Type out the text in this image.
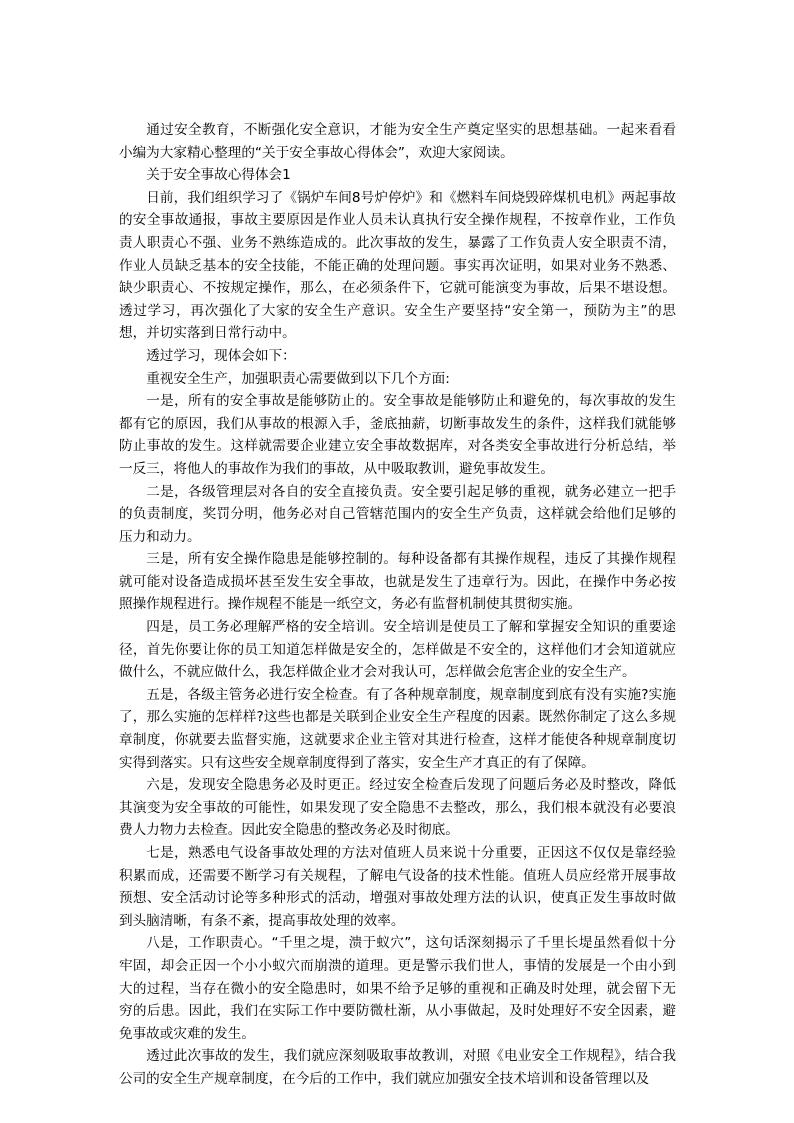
通过安全教育，不断强化安全意识，才能为安全生产奠定坚实的思想基础。一起来看看小编为大家精心整理的“关于安全事故心得体会”，欢迎大家阅读。

关于安全事故心得体会1

日前，我们组织学习了《锅炉车间8号炉停炉》和《燃料车间烧毁碎煤机电机》两起事故的安全事故通报，事故主要原因是作业人员未认真执行安全操作规程，不按章作业，工作负责人职责心不强、业务不熟练造成的。此次事故的发生，暴露了工作负责人安全职责不清，作业人员缺乏基本的安全技能，不能正确的处理问题。事实再次证明，如果对业务不熟悉、缺少职责心、不按规定操作，那么，在必须条件下，它就可能演变为事故，后果不堪设想。透过学习，再次强化了大家的安全生产意识。安全生产要坚持“安全第一，预防为主”的思想，并切实落到日常行动中。

透过学习，现体会如下：

重视安全生产，加强职责心需要做到以下几个方面:

一是，所有的安全事故是能够防止的。安全事故是能够防止和避免的，每次事故的发生都有它的原因，我们从事故的根源入手，釜底抽薪，切断事故发生的条件，这样我们就能够防止事故的发生。这样就需要企业建立安全事故数据库，对各类安全事故进行分析总结，举一反三，将他人的事故作为我们的事故，从中吸取教训，避免事故发生。

二是，各级管理层对各自的安全直接负责。安全要引起足够的重视，就务必建立一把手的负责制度，奖罚分明，他务必对自己管辖范围内的安全生产负责，这样就会给他们足够的压力和动力。

三是，所有安全操作隐患是能够控制的。每种设备都有其操作规程，违反了其操作规程就可能对设备造成损坏甚至发生安全事故，也就是发生了违章行为。因此，在操作中务必按照操作规程进行。操作规程不能是一纸空文，务必有监督机制使其贯彻实施。

四是，员工务必理解严格的安全培训。安全培训是使员工了解和掌握安全知识的重要途径，首先你要让你的员工知道怎样做是安全的，怎样做是不安全的，这样他们才会知道就应做什么，不就应做什么，我怎样做企业才会对我认可，怎样做会危害企业的安全生产。

五是，各级主管务必进行安全检查。有了各种规章制度，规章制度到底有没有实施?实施了，那么实施的怎样样?这些也都是关联到企业安全生产程度的因素。既然你制定了这么多规章制度，你就要去监督实施，这就要求企业主管对其进行检查，这样才能使各种规章制度切实得到落实。只有这些安全规章制度得到了落实，安全生产才真正的有了保障。

六是，发现安全隐患务必及时更正。经过安全检查后发现了问题后务必及时整改，降低其演变为安全事故的可能性，如果发现了安全隐患不去整改，那么，我们根本就没有必要浪费人力物力去检查。因此安全隐患的整改务必及时彻底。

七是，熟悉电气设备事故处理的方法对值班人员来说十分重要，正因这不仅仅是靠经验积累而成，还需要不断学习有关规程，了解电气设备的技术性能。值班人员应经常开展事故预想、安全活动讨论等多种形式的活动，增强对事故处理方法的认识，使真正发生事故时做到头脑清晰，有条不紊，提高事故处理的效率。

八是，工作职责心。“千里之堤，溃于蚁穴”，这句话深刻揭示了千里长堤虽然看似十分牢固，却会正因一个小小蚁穴而崩溃的道理。更是警示我们世人，事情的发展是一个由小到大的过程，当存在微小的安全隐患时，如果不给予足够的重视和正确及时处理，就会留下无穷的后患。因此，我们在实际工作中要防微杜渐，从小事做起，及时处理好不安全因素，避免事故或灾难的发生。

透过此次事故的发生，我们就应深刻吸取事故教训，对照《电业安全工作规程》，结合我公司的安全生产规章制度，在今后的工作中，我们就应加强安全技术培训和设备管理以及
